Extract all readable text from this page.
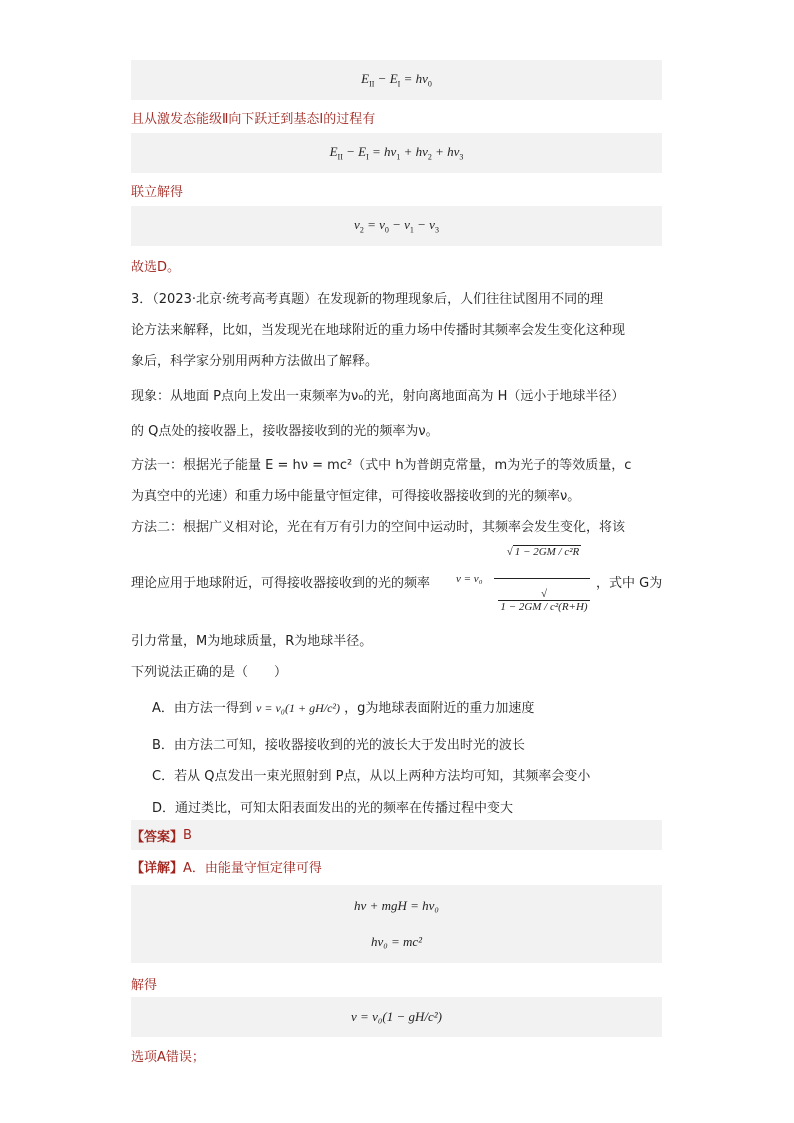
$E_{II} - E_I = h\nu_0$
且从激发态能级Ⅱ向下跃迁到基态Ⅰ的过程有
$E_{II} - E_I = h\nu_1 + h\nu_2 + h\nu_3$
联立解得
$\nu_2 = \nu_0 - \nu_1 - \nu_3$
故选D。
3．（2023·北京·统考高考真题）在发现新的物理现象后，人们往往试图用不同的理
论方法来解释，比如，当发现光在地球附近的重力场中传播时其频率会发生变化这种现
象后，科学家分别用两种方法做出了解释。
现象：从地面 P点向上发出一束频率为ν₀的光，射向离地面高为 H（远小于地球半径）
的 Q点处的接收器上，接收器接收到的光的频率为ν。
方法一：根据光子能量 E = hν = mc²（式中 h为普朗克常量，m为光子的等效质量，c
为真空中的光速）和重力场中能量守恒定律，可得接收器接收到的光的频率ν。
方法二：根据广义相对论，光在有万有引力的空间中运动时，其频率会发生变化，将该
理论应用于地球附近，可得接收器接收到的光的频率 ν = ν₀
√ 1 − 2GM / c²R
√1 − 2GM / c²(R+H)
，式中 G为
引力常量，M为地球质量，R为地球半径。
下列说法正确的是（　　）
A．由方法一得到 ν = ν₀(1 + gH/c²) ，g为地球表面附近的重力加速度
B．由方法二可知，接收器接收到的光的波长大于发出时光的波长
C．若从 Q点发出一束光照射到 P点，从以上两种方法均可知，其频率会变小
D．通过类比，可知太阳表面发出的光的频率在传播过程中变大
【答案】 B
【详解】 A．由能量守恒定律可得
hν + mgH = hν₀
hν₀ = mc²
解得
ν = ν₀(1 − gH/c²)
选项A错误；
